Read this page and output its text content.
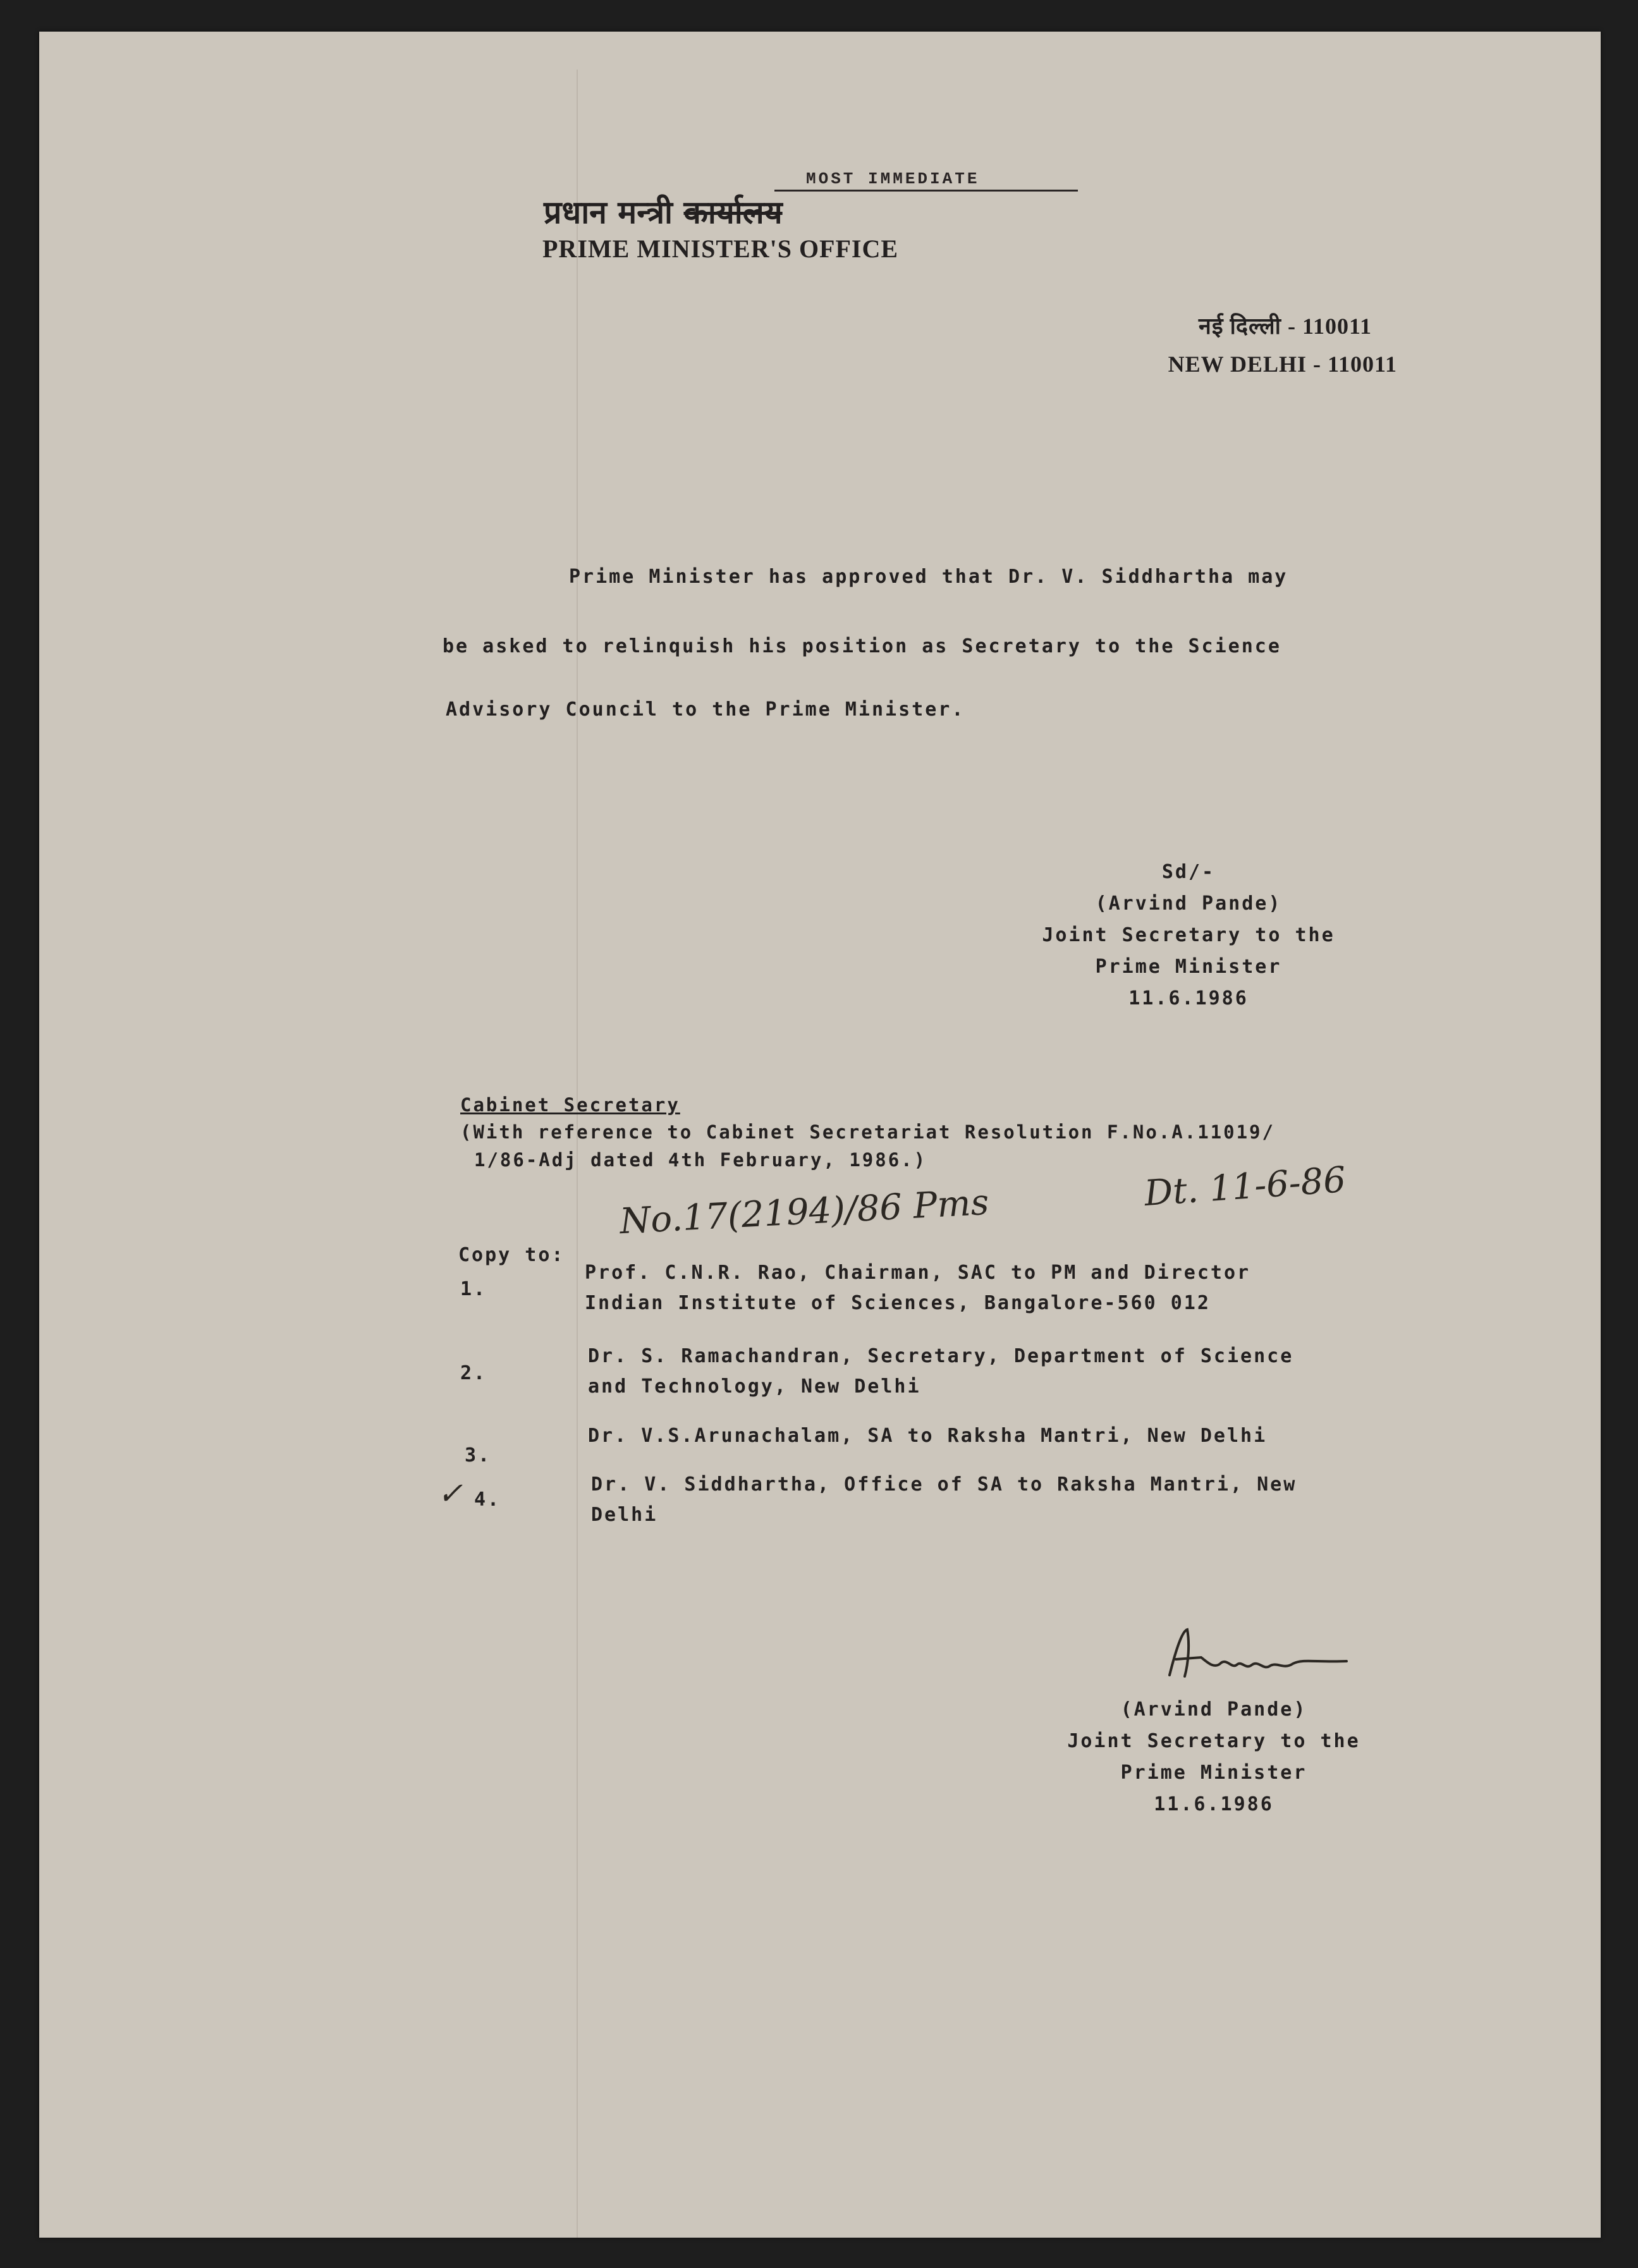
प्रधान मन्त्री कार्यालय
MOST IMMEDIATE
PRIME MINISTER'S OFFICE
नई दिल्ली - 110011
NEW DELHI - 110011
Prime Minister has approved that Dr. V. Siddhartha may
be asked to relinquish his position as Secretary to the Science
Advisory Council to the Prime Minister.
Sd/-
(Arvind Pande)
Joint Secretary to the
Prime Minister
11.6.1986
Cabinet Secretary
(With reference to Cabinet Secretariat Resolution F.No.A.11019/
1/86-Adj dated 4th February, 1986.)
No.17(2194)/86 Pms	Dt. 11-6-86
Copy to:
1.
Prof. C.N.R. Rao, Chairman, SAC to PM and Director
Indian Institute of Sciences, Bangalore-560 012
2.
Dr. S. Ramachandran, Secretary, Department of Science
and Technology, New Delhi
3.
Dr. V.S.Arunachalam, SA to Raksha Mantri, New Delhi
✓ 4.
Dr. V. Siddhartha, Office of SA to Raksha Mantri, New
Delhi
(Arvind Pande)
Joint Secretary to the
Prime Minister
11.6.1986
